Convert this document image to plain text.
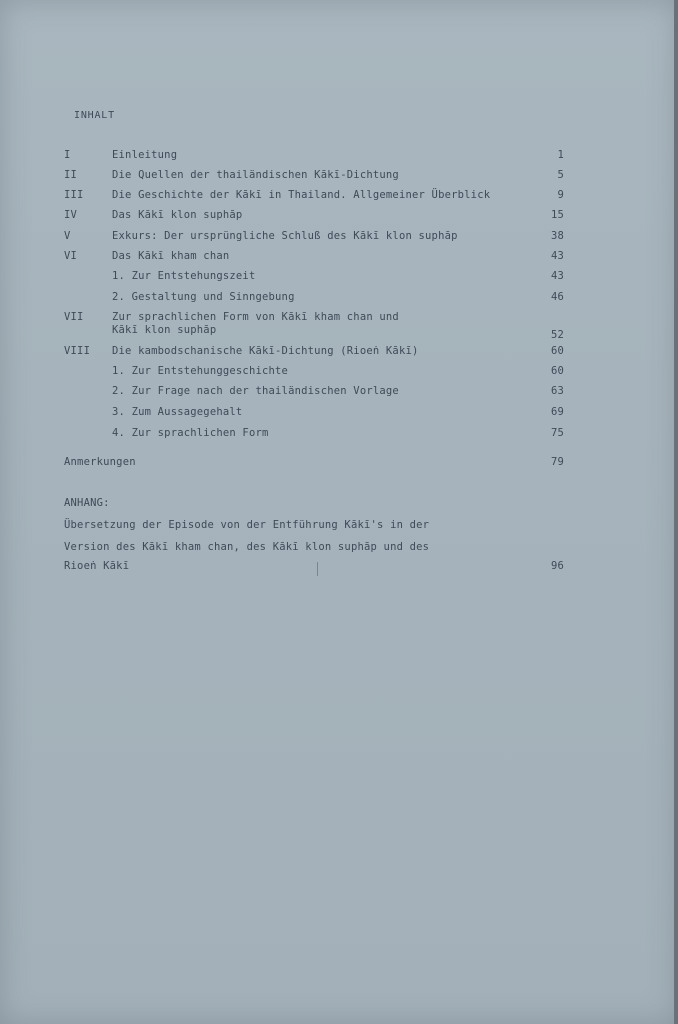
INHALT
I	Einleitung	1
II	Die Quellen der thailändischen Kākī-Dichtung	5
III	Die Geschichte der Kākī in Thailand. Allgemeiner Überblick	9
IV	Das Kākī klon suphāp	15
V	Exkurs: Der ursprüngliche Schluß des Kākī klon suphāp	38
VI	Das Kākī kham chan	43
1. Zur Entstehungszeit	43
2. Gestaltung und Sinngebung	46
VII	Zur sprachlichen Form von Kākī kham chan und
Kākī klon suphāp	52
VIII	Die kambodschanische Kākī-Dichtung (Rioeṅ Kākī)	60
1. Zur Entstehunggeschichte	60
2. Zur Frage nach der thailändischen Vorlage	63
3. Zum Aussagegehalt	69
4. Zur sprachlichen Form	75
Anmerkungen	79
ANHANG:
Übersetzung der Episode von der Entführung Kākī's in der
Version des Kākī kham chan, des Kākī klon suphāp und des
Rioeṅ Kākī	96
